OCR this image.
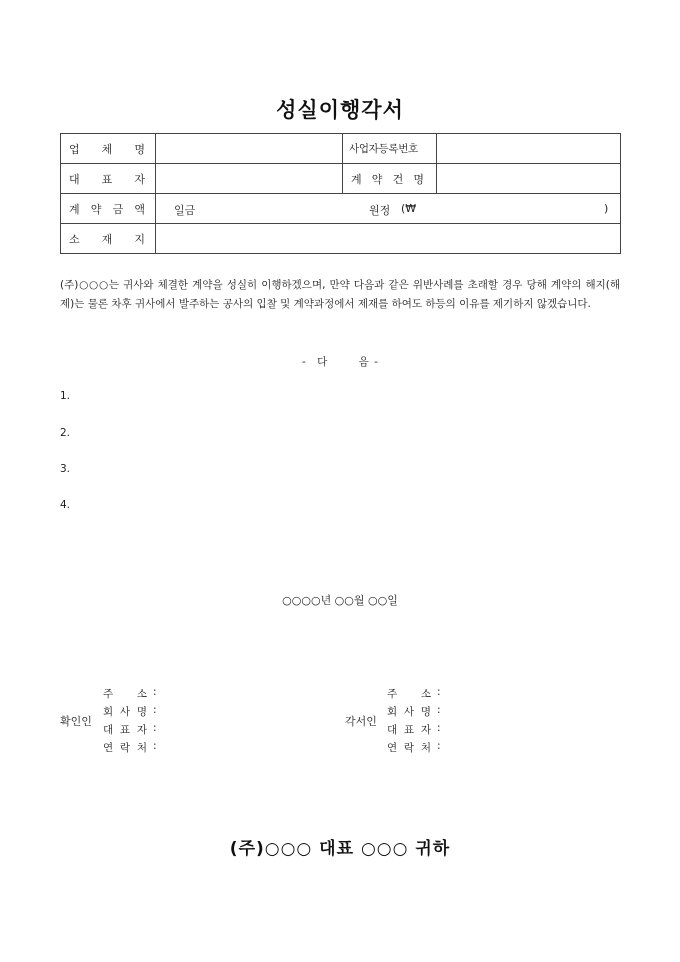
성실이행각서
업 체 명		사업자등록번호	

대 표 자		계 약 건 명	

계 약 금 액	일금 원정 (₩ )		

소 재 지			

(주)○○○는 귀사와 체결한 계약을 성실히 이행하겠으며, 만약 다음과 같은 위반사례를 초래할 경우 당해 계약의 해지(해제)는 물론 차후 귀사에서 발주하는 공사의 입찰 및 계약과정에서 제재를 하여도 하등의 이유를 제기하지 않겠습니다.
- 다	음 -
1.
2.
3.
4.
○○○○년 ○○월 ○○일
확인인
주 소 :
회 사 명 :
대 표 자 :
연 락 처 :
각서인
주 소 :
회 사 명 :
대 표 자 :
연 락 처 :
(주)○○○ 대표 ○○○ 귀하
